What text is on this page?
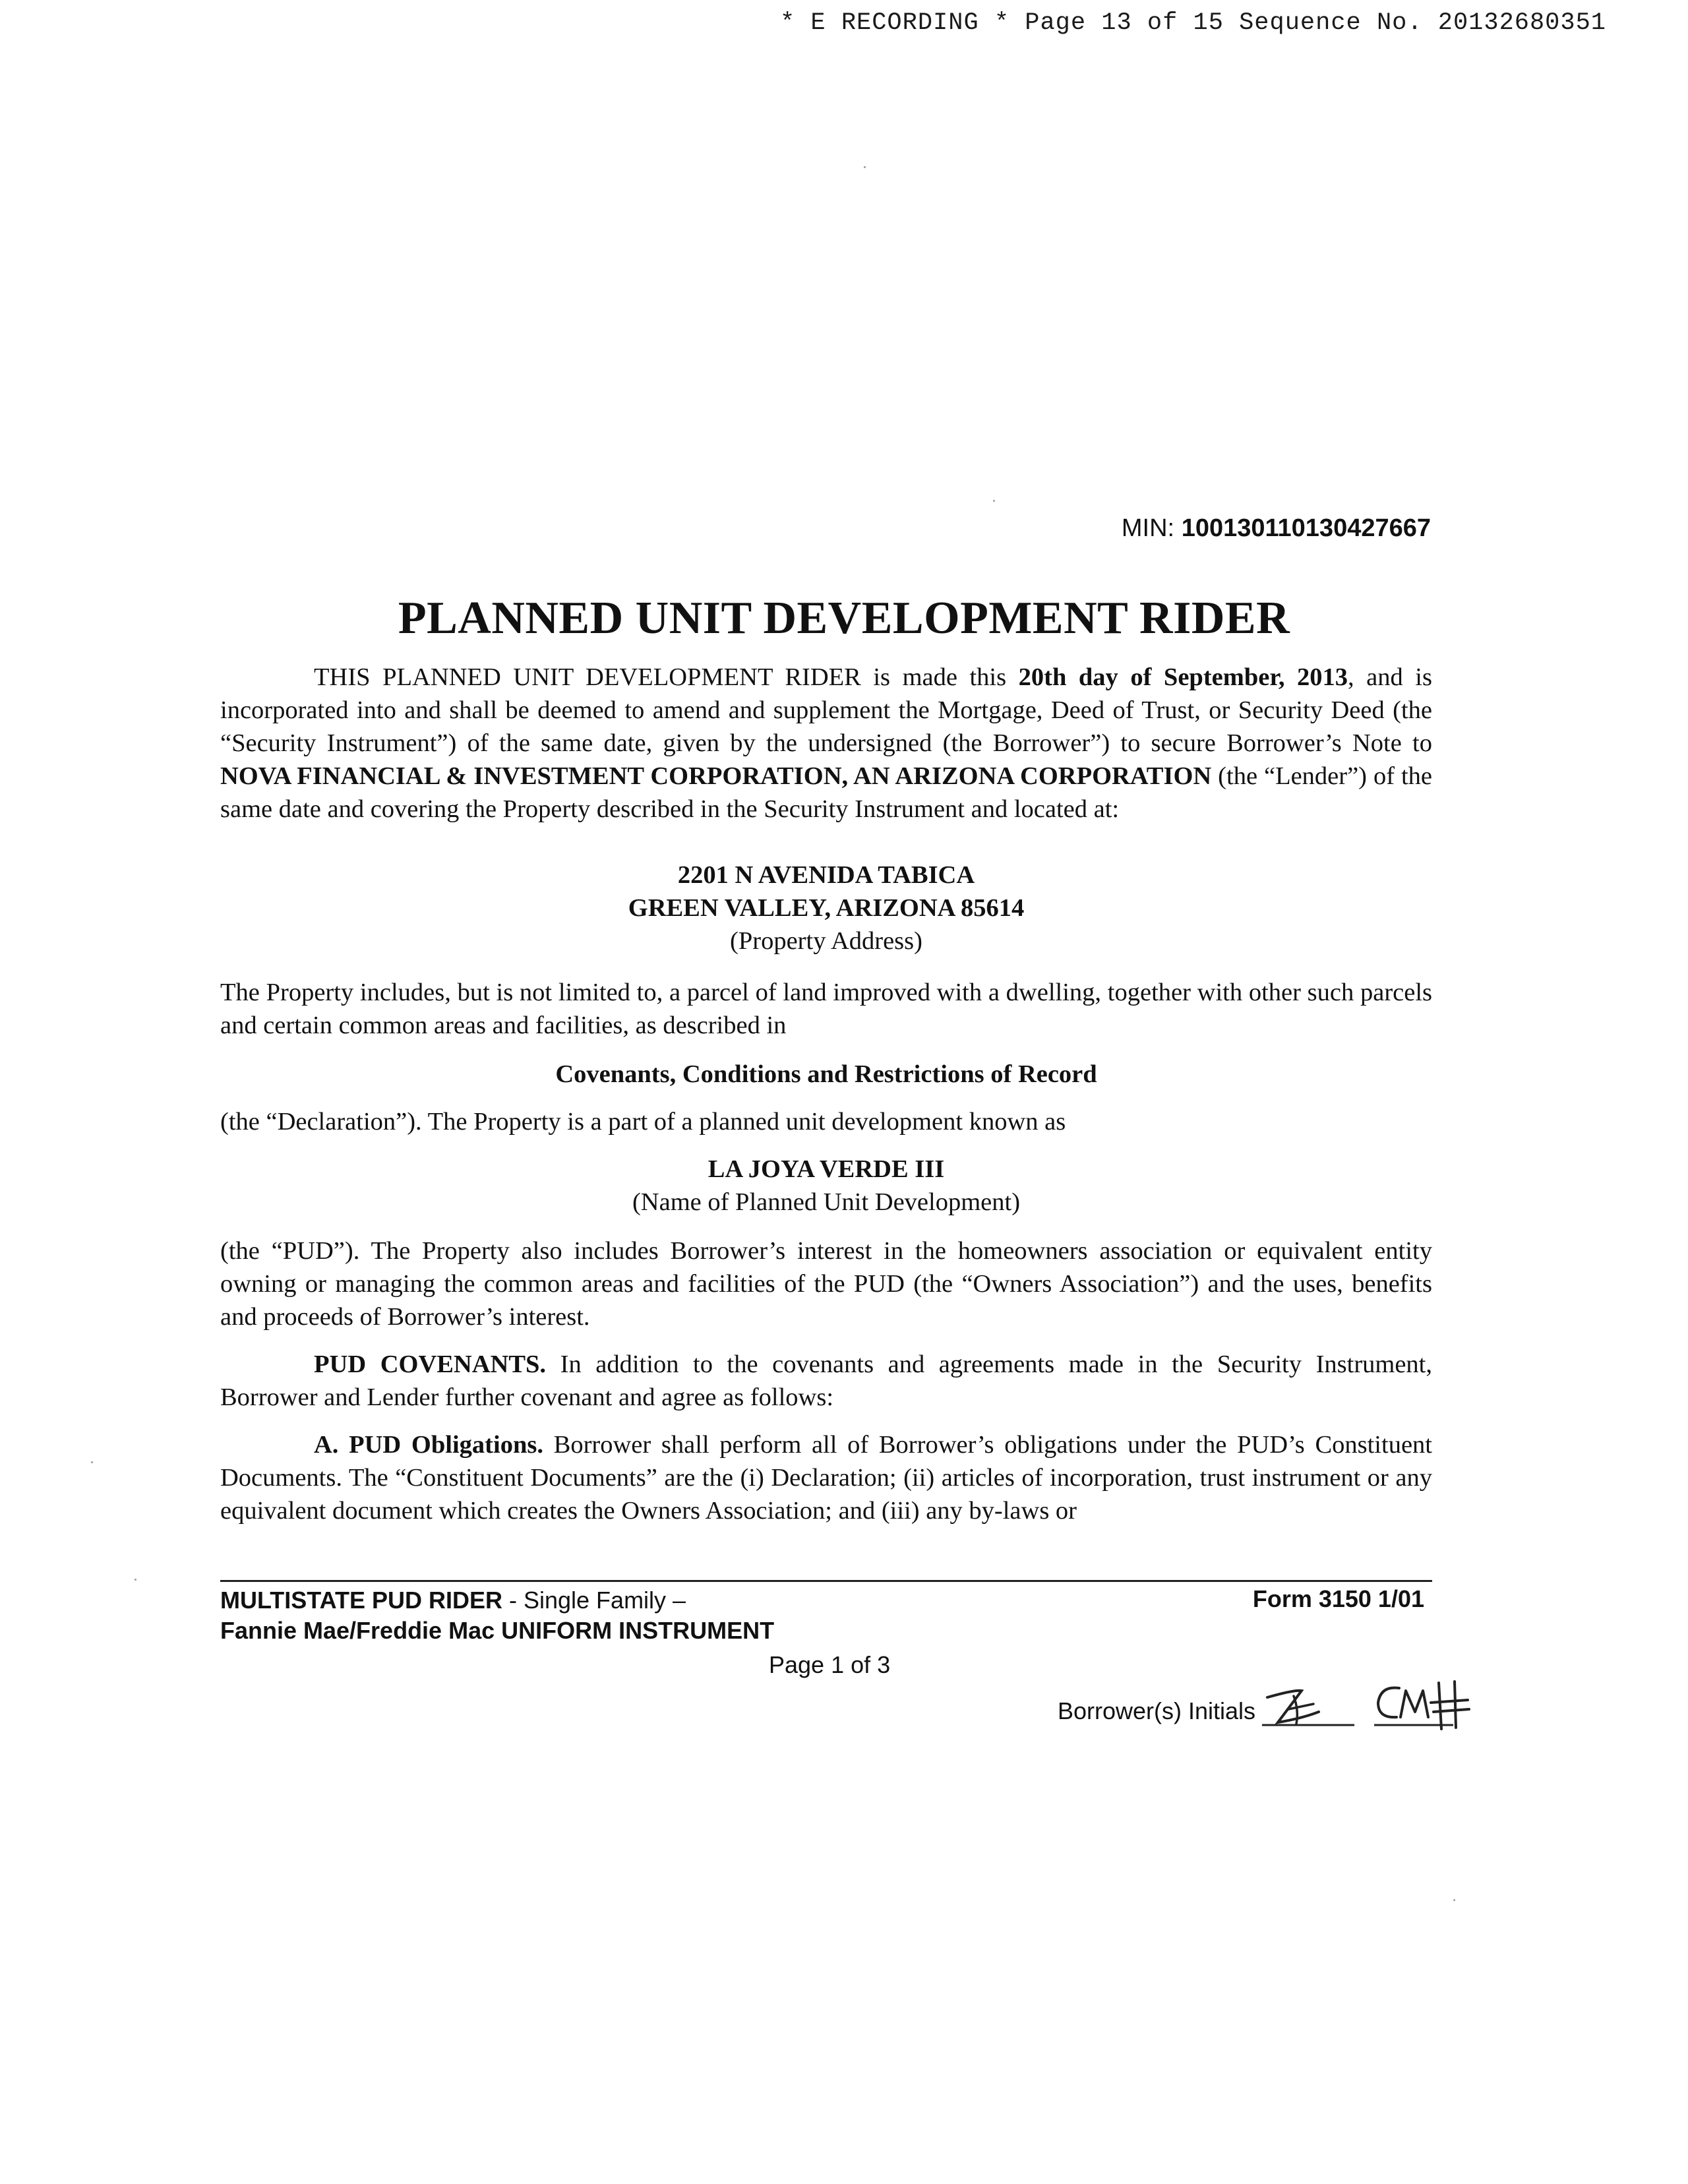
* E RECORDING * Page 13 of 15 Sequence No. 20132680351
MIN: 100130110130427667
PLANNED UNIT DEVELOPMENT RIDER
THIS PLANNED UNIT DEVELOPMENT RIDER is made this 20th day of September, 2013, and is incorporated into and shall be deemed to amend and supplement the Mortgage, Deed of Trust, or Security Deed (the “Security Instrument”) of the same date, given by the undersigned (the Borrower”) to secure Borrower’s Note to NOVA FINANCIAL & INVESTMENT CORPORATION, AN ARIZONA CORPORATION (the “Lender”) of the same date and covering the Property described in the Security Instrument and located at:
2201 N AVENIDA TABICA
GREEN VALLEY, ARIZONA 85614
(Property Address)
The Property includes, but is not limited to, a parcel of land improved with a dwelling, together with other such parcels and certain common areas and facilities, as described in
Covenants, Conditions and Restrictions of Record
(the “Declaration”). The Property is a part of a planned unit development known as
LA JOYA VERDE III
(Name of Planned Unit Development)
(the “PUD”). The Property also includes Borrower’s interest in the homeowners association or equivalent entity owning or managing the common areas and facilities of the PUD (the “Owners Association”) and the uses, benefits and proceeds of Borrower’s interest.
PUD COVENANTS. In addition to the covenants and agreements made in the Security Instrument, Borrower and Lender further covenant and agree as follows:
A. PUD Obligations. Borrower shall perform all of Borrower’s obligations under the PUD’s Constituent Documents. The “Constituent Documents” are the (i) Declaration; (ii) articles of incorporation, trust instrument or any equivalent document which creates the Owners Association; and (iii) any by-laws or
MULTISTATE PUD RIDER - Single Family –
Fannie Mae/Freddie Mac UNIFORM INSTRUMENT
Form 3150 1/01
Page 1 of 3
Borrower(s) Initials
